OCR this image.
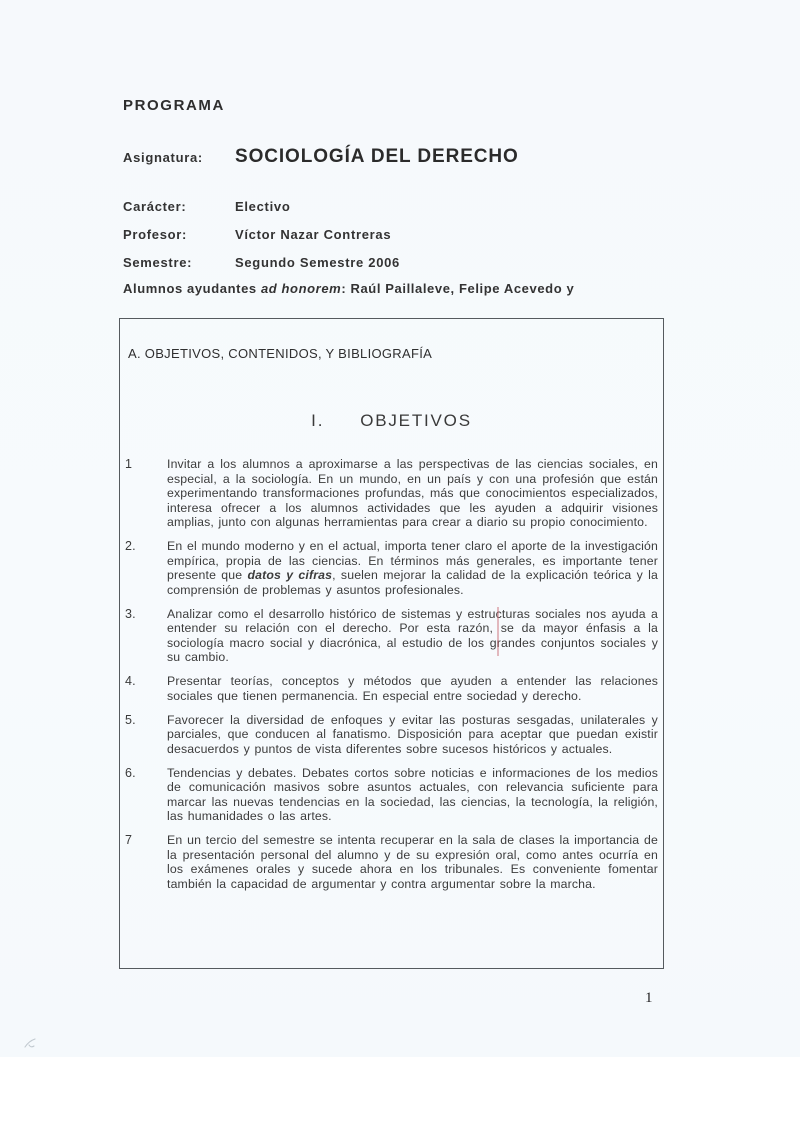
PROGRAMA
Asignatura:	SOCIOLOGÍA DEL DERECHO
Carácter:	Electivo
Profesor:	Víctor Nazar Contreras
Semestre:	Segundo Semestre 2006
Alumnos ayudantes ad honorem: Raúl Paillaleve, Felipe Acevedo y
A. OBJETIVOS, CONTENIDOS, Y BIBLIOGRAFÍA
I. OBJETIVOS
1	Invitar a los alumnos a aproximarse a las perspectivas de las ciencias sociales, en especial, a la sociología. En un mundo, en un país y con una profesión que están experimentando transformaciones profundas, más que conocimientos especializados, interesa ofrecer a los alumnos actividades que les ayuden a adquirir visiones amplias, junto con algunas herramientas para crear a diario su propio conocimiento.
2.	En el mundo moderno y en el actual, importa tener claro el aporte de la investigación empírica, propia de las ciencias. En términos más generales, es importante tener presente que datos y cifras, suelen mejorar la calidad de la explicación teórica y la comprensión de problemas y asuntos profesionales.
3.	Analizar como el desarrollo histórico de sistemas y estructuras sociales nos ayuda a entender su relación con el derecho. Por esta razón, se da mayor énfasis a la sociología macro social y diacrónica, al estudio de los grandes conjuntos sociales y su cambio.
4.	Presentar teorías, conceptos y métodos que ayuden a entender las relaciones sociales que tienen permanencia. En especial entre sociedad y derecho.
5.	Favorecer la diversidad de enfoques y evitar las posturas sesgadas, unilaterales y parciales, que conducen al fanatismo. Disposición para aceptar que puedan existir desacuerdos y puntos de vista diferentes sobre sucesos históricos y actuales.
6.	Tendencias y debates. Debates cortos sobre noticias e informaciones de los medios de comunicación masivos sobre asuntos actuales, con relevancia suficiente para marcar las nuevas tendencias en la sociedad, las ciencias, la tecnología, la religión, las humanidades o las artes.
7	En un tercio del semestre se intenta recuperar en la sala de clases la importancia de la presentación personal del alumno y de su expresión oral, como antes ocurría en los exámenes orales y sucede ahora en los tribunales. Es conveniente fomentar también la capacidad de argumentar y contra argumentar sobre la marcha.
1
